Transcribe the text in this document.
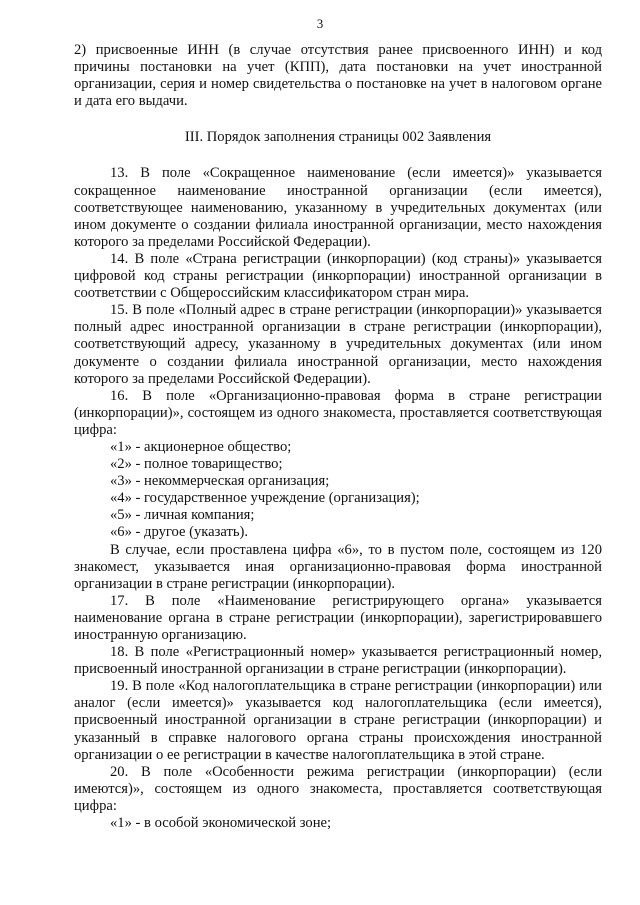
3

2) присвоенные ИНН (в случае отсутствия ранее присвоенного ИНН) и код причины постановки на учет (КПП), дата постановки на учет иностранной организации, серия и номер свидетельства о постановке на учет в налоговом органе и дата его выдачи.

III. Порядок заполнения страницы 002 Заявления

13. В поле «Сокращенное наименование (если имеется)» указывается сокращенное наименование иностранной организации (если имеется), соответствующее наименованию, указанному в учредительных документах (или ином документе о создании филиала иностранной организации, место нахождения которого за пределами Российской Федерации).

14. В поле «Страна регистрации (инкорпорации) (код страны)» указывается цифровой код страны регистрации (инкорпорации) иностранной организации в соответствии с Общероссийским классификатором стран мира.

15. В поле «Полный адрес в стране регистрации (инкорпорации)» указывается полный адрес иностранной организации в стране регистрации (инкорпорации), соответствующий адресу, указанному в учредительных документах (или ином документе о создании филиала иностранной организации, место нахождения которого за пределами Российской Федерации).

16. В поле «Организационно-правовая форма в стране регистрации (инкорпорации)», состоящем из одного знакоместа, проставляется соответствующая цифра:

«1» - акционерное общество;

«2» - полное товарищество;

«3» - некоммерческая организация;

«4» - государственное учреждение (организация);

«5» - личная компания;

«6» - другое (указать).

В случае, если проставлена цифра «6», то в пустом поле, состоящем из 120 знакомест, указывается иная организационно-правовая форма иностранной организации в стране регистрации (инкорпорации).

17. В поле «Наименование регистрирующего органа» указывается наименование органа в стране регистрации (инкорпорации), зарегистрировавшего иностранную организацию.

18. В поле «Регистрационный номер» указывается регистрационный номер, присвоенный иностранной организации в стране регистрации (инкорпорации).

19. В поле «Код налогоплательщика в стране регистрации (инкорпорации) или аналог (если имеется)» указывается код налогоплательщика (если имеется), присвоенный иностранной организации в стране регистрации (инкорпорации) и указанный в справке налогового органа страны происхождения иностранной организации о ее регистрации в качестве налогоплательщика в этой стране.

20. В поле «Особенности режима регистрации (инкорпорации) (если имеются)», состоящем из одного знакоместа, проставляется соответствующая цифра:

«1» - в особой экономической зоне;
